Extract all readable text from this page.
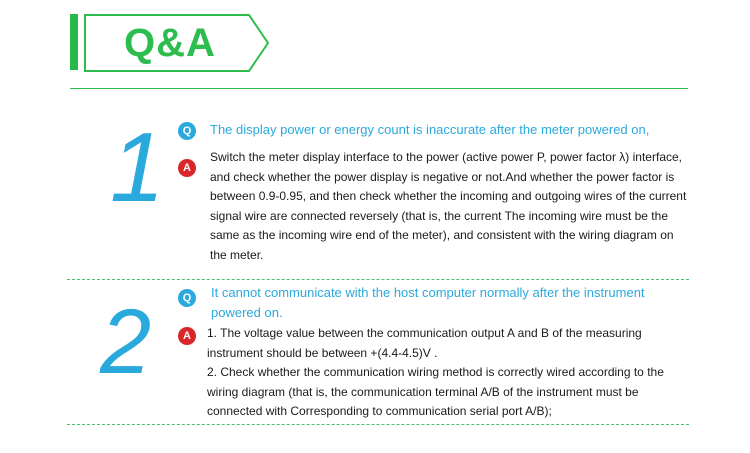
Q&A
1	Q	The display power or energy count is inaccurate after the meter powered on,
A

Switch the meter display interface to the power (active power P, power factor λ) interface,

and check whether the power display is negative or not.And whether the power factor is

between 0.9-0.95, and then check whether the incoming and outgoing wires of the current

signal wire are connected reversely (that is, the current The incoming wire must be the

same as the incoming wire end of the meter), and consistent with the wiring diagram on

the meter.

2	Q	It cannot communicate with the host computer normally after the instrument
powered on.
A	1. The voltage value between the communication output A and B of the measuring

instrument should be between +(4.4-4.5)V .

2. Check whether the communication wiring method is correctly wired according to the

wiring diagram (that is, the communication terminal A/B of the instrument must be

connected with Corresponding to communication serial port A/B);
